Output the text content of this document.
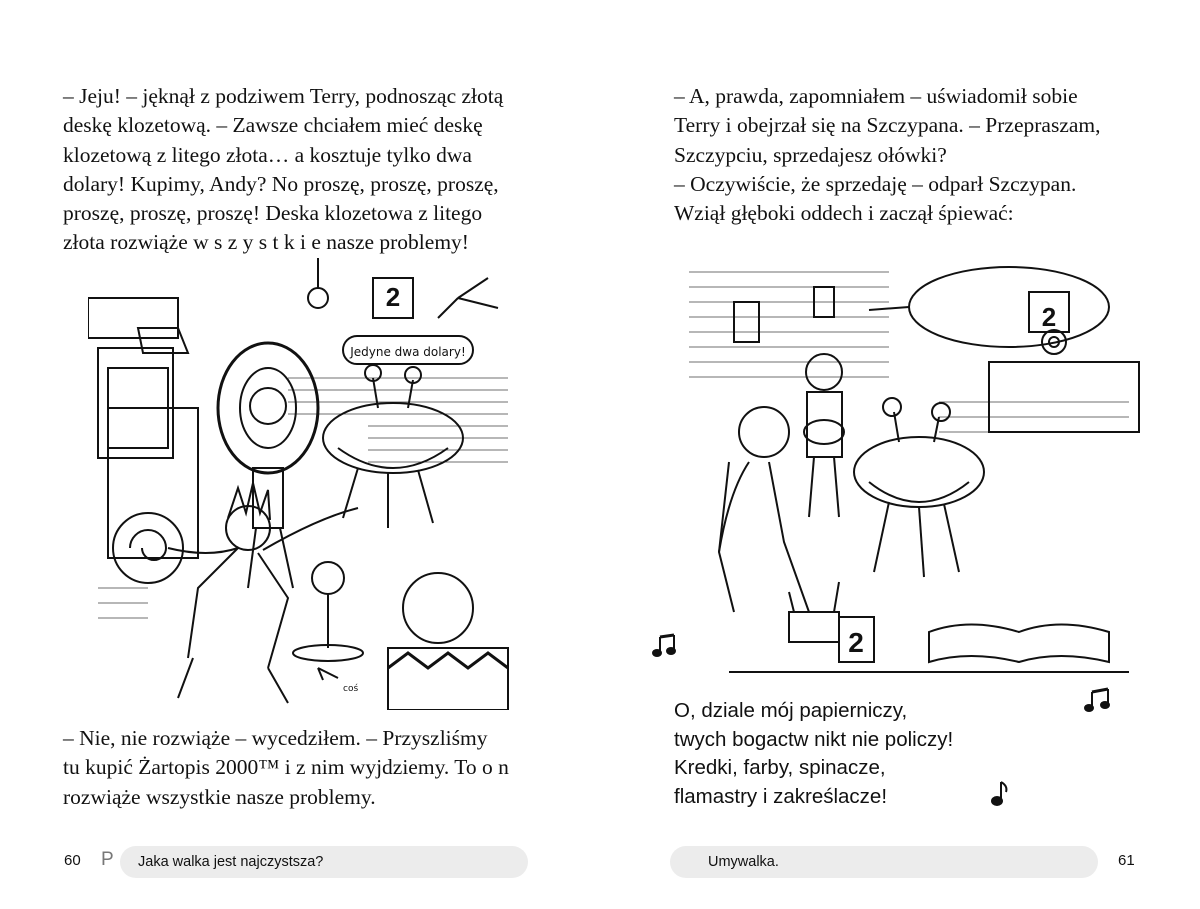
– Jeju! – jęknął z podziwem Terry, podnosząc złotą
deskę klozetową. – Zawsze chciałem mieć deskę
klozetową z litego złota… a kosztuje tylko dwa
dolary! Kupimy, Andy? No proszę, proszę, proszę,
proszę, proszę, proszę! Deska klozetowa z litego
złota rozwiąże w s z y s t k i e nasze problemy!

2
Jedyne dwa dolary!
coś

– Nie, nie rozwiąże – wycedziłem. – Przyszliśmy
tu kupić Żartopis 2000™ i z nim wyjdziemy. To o n
rozwiąże wszystkie nasze problemy.

60 P Jaka walka jest najczystsza?

– A, prawda, zapomniałem – uświadomił sobie
Terry i obejrzał się na Szczypana. – Przepraszam,
Szczypciu, sprzedajesz ołówki?
– Oczywiście, że sprzedaję – odparł Szczypan.
Wziął głęboki oddech i zaczął śpiewać:

2
2

O, dziale mój papierniczy,
twych bogactw nikt nie policzy!
Kredki, farby, spinacze,
flamastry i zakreślacze!

Umywalka.	61
